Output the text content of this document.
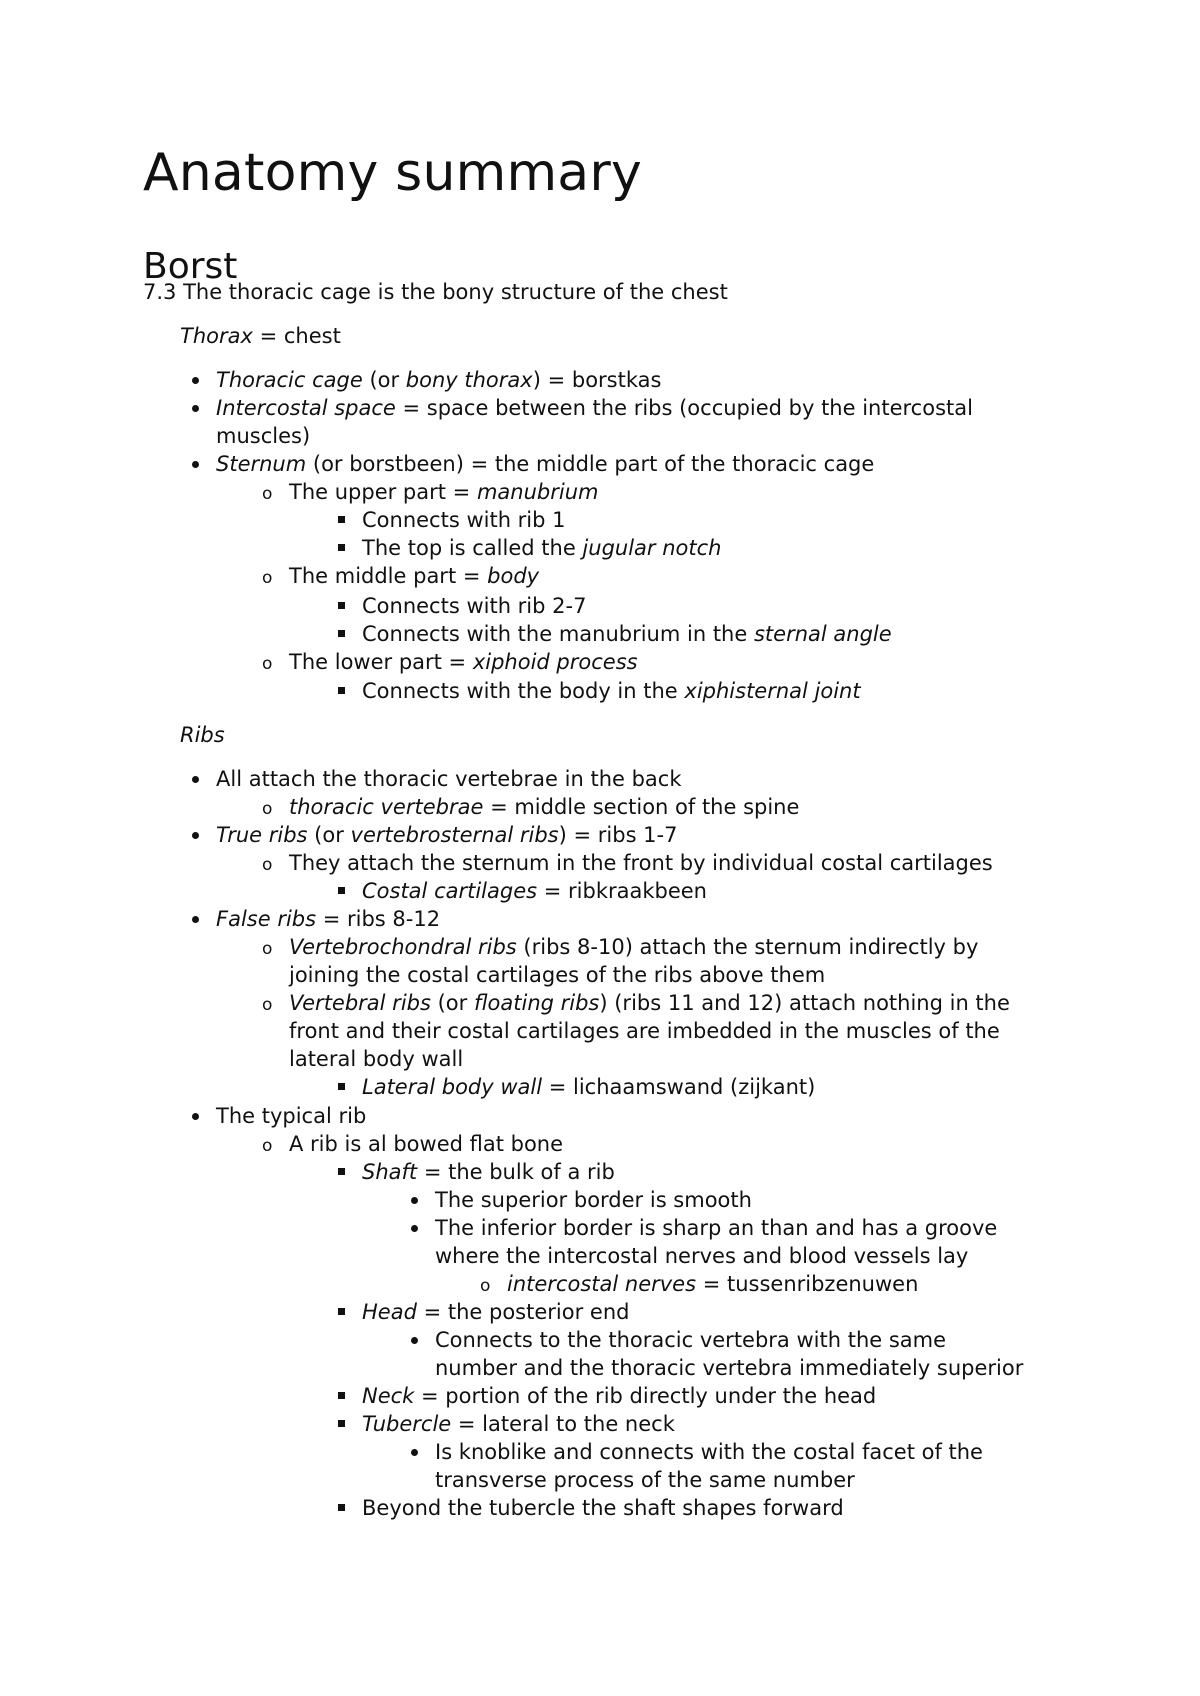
Anatomy summary
Borst
7.3 The thoracic cage is the bony structure of the chest
Thorax = chest
Thoracic cage (or bony thorax) = borstkas
Intercostal space = space between the ribs (occupied by the intercostal
muscles)
Sternum (or borstbeen) = the middle part of the thoracic cage
o The upper part = manubrium
Connects with rib 1
The top is called the jugular notch
o The middle part = body
Connects with rib 2-7
Connects with the manubrium in the sternal angle
o The lower part = xiphoid process
Connects with the body in the xiphisternal joint
Ribs
All attach the thoracic vertebrae in the back
o thoracic vertebrae = middle section of the spine
True ribs (or vertebrosternal ribs) = ribs 1-7
o They attach the sternum in the front by individual costal cartilages
Costal cartilages = ribkraakbeen
False ribs = ribs 8-12
o Vertebrochondral ribs (ribs 8-10) attach the sternum indirectly by
joining the costal cartilages of the ribs above them
o Vertebral ribs (or floating ribs) (ribs 11 and 12) attach nothing in the
front and their costal cartilages are imbedded in the muscles of the
lateral body wall
Lateral body wall = lichaamswand (zijkant)
The typical rib
o A rib is al bowed flat bone
Shaft = the bulk of a rib
The superior border is smooth
The inferior border is sharp an than and has a groove
where the intercostal nerves and blood vessels lay
o intercostal nerves = tussenribzenuwen
Head = the posterior end
Connects to the thoracic vertebra with the same
number and the thoracic vertebra immediately superior
Neck = portion of the rib directly under the head
Tubercle = lateral to the neck
Is knoblike and connects with the costal facet of the
transverse process of the same number
Beyond the tubercle the shaft shapes forward
